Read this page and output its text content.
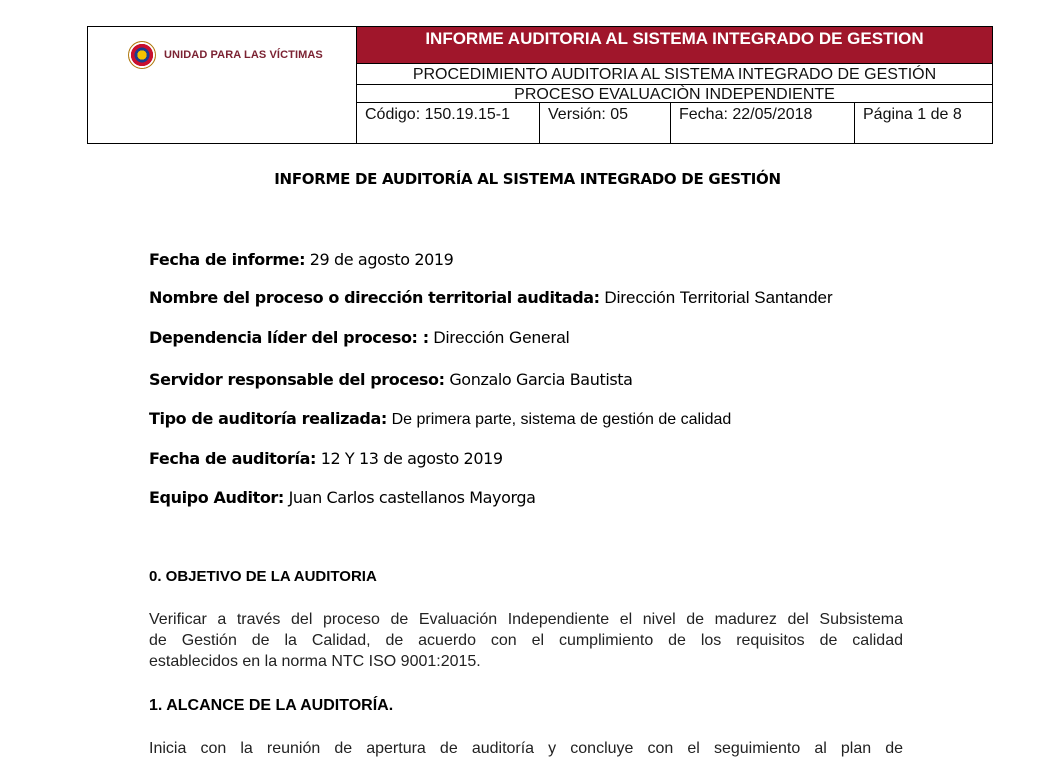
UNIDAD PARA LAS VÍCTIMAS
INFORME AUDITORIA AL SISTEMA INTEGRADO DE GESTION
PROCEDIMIENTO AUDITORIA AL SISTEMA INTEGRADO DE GESTIÓN
PROCESO EVALUACIÒN INDEPENDIENTE
Código: 150.19.15-1	Versión: 05	Fecha: 22/05/2018	Página 1 de 8
INFORME DE AUDITORÍA AL SISTEMA INTEGRADO DE GESTIÓN
Fecha de informe: 29 de agosto 2019
Nombre del proceso o dirección territorial auditada: Dirección Territorial Santander
Dependencia líder del proceso: : Dirección General
Servidor responsable del proceso: Gonzalo Garcia Bautista
Tipo de auditoría realizada: De primera parte, sistema de gestión de calidad
Fecha de auditoría: 12 Y 13 de agosto 2019
Equipo Auditor: Juan Carlos castellanos Mayorga
0. OBJETIVO DE LA AUDITORIA
Verificar a través del proceso de Evaluación Independiente el nivel de madurez del Subsistema
de Gestión de la Calidad, de acuerdo con el cumplimiento de los requisitos de calidad
establecidos en la norma NTC ISO 9001:2015.
1. ALCANCE DE LA AUDITORÍA.
Inicia con la reunión de apertura de auditoría y concluye con el seguimiento al plan de
